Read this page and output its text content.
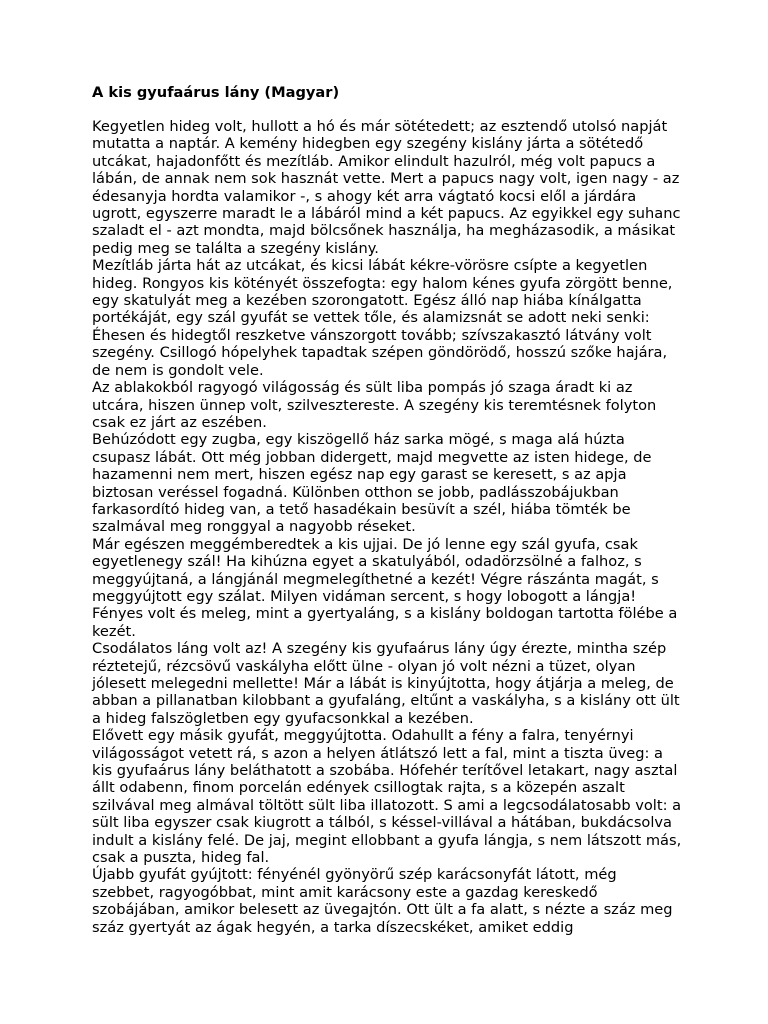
A kis gyufaárus lány (Magyar)

Kegyetlen hideg volt, hullott a hó és már sötétedett; az esztendő utolsó napját mutatta a naptár. A kemény hidegben egy szegény kislány járta a sötétedő utcákat, hajadonfőtt és mezítláb. Amikor elindult hazulról, még volt papucs a lábán, de annak nem sok hasznát vette. Mert a papucs nagy volt, igen nagy - az édesanyja hordta valamikor -, s ahogy két arra vágtató kocsi elől a járdára ugrott, egyszerre maradt le a lábáról mind a két papucs. Az egyikkel egy suhanc szaladt el - azt mondta, majd bölcsőnek használja, ha megházasodik, a másikat pedig meg se találta a szegény kislány.

Mezítláb járta hát az utcákat, és kicsi lábát kékre-vörösre csípte a kegyetlen hideg. Rongyos kis kötényét összefogta: egy halom kénes gyufa zörgött benne, egy skatulyát meg a kezében szorongatott. Egész álló nap hiába kínálgatta portékáját, egy szál gyufát se vettek tőle, és alamizsnát se adott neki senki: Éhesen és hidegtől reszketve vánszorgott tovább; szívszakasztó látvány volt szegény. Csillogó hópelyhek tapadtak szépen göndörödő, hosszú szőke hajára, de nem is gondolt vele.

Az ablakokból ragyogó világosság és sült liba pompás jó szaga áradt ki az utcára, hiszen ünnep volt, szilvesztereste. A szegény kis teremtésnek folyton csak ez járt az eszében.

Behúzódott egy zugba, egy kiszögellő ház sarka mögé, s maga alá húzta csupasz lábát. Ott még jobban didergett, majd megvette az isten hidege, de hazamenni nem mert, hiszen egész nap egy garast se keresett, s az apja biztosan veréssel fogadná. Különben otthon se jobb, padlásszobájukban farkasordító hideg van, a tető hasadékain besüvít a szél, hiába tömték be szalmával meg ronggyal a nagyobb réseket.

Már egészen meggémberedtek a kis ujjai. De jó lenne egy szál gyufa, csak egyetlenegy szál! Ha kihúzna egyet a skatulyából, odadörzsölné a falhoz, s meggyújtaná, a lángjánál megmelegíthetné a kezét! Végre rászánta magát, s meggyújtott egy szálat. Milyen vidáman sercent, s hogy lobogott a lángja! Fényes volt és meleg, mint a gyertyaláng, s a kislány boldogan tartotta fölébe a kezét.

Csodálatos láng volt az! A szegény kis gyufaárus lány úgy érezte, mintha szép réztetejű, rézcsövű vaskályha előtt ülne - olyan jó volt nézni a tüzet, olyan jólesett melegedni mellette! Már a lábát is kinyújtotta, hogy átjárja a meleg, de abban a pillanatban kilobbant a gyufaláng, eltűnt a vaskályha, s a kislány ott ült a hideg falszögletben egy gyufacsonkkal a kezében.

Elővett egy másik gyufát, meggyújtotta. Odahullt a fény a falra, tenyérnyi világosságot vetett rá, s azon a helyen átlátszó lett a fal, mint a tiszta üveg: a kis gyufaárus lány beláthatott a szobába. Hófehér terítővel letakart, nagy asztal állt odabenn, finom porcelán edények csillogtak rajta, s a közepén aszalt szilvával meg almával töltött sült liba illatozott. S ami a legcsodálatosabb volt: a sült liba egyszer csak kiugrott a tálból, s késsel-villával a hátában, bukdácsolva indult a kislány felé. De jaj, megint ellobbant a gyufa lángja, s nem látszott más, csak a puszta, hideg fal.

Újabb gyufát gyújtott: fényénél gyönyörű szép karácsonyfát látott, még szebbet, ragyogóbbat, mint amit karácsony este a gazdag kereskedő szobájában, amikor belesett az üvegajtón. Ott ült a fa alatt, s nézte a száz meg száz gyertyát az ágak hegyén, a tarka díszecskéket, amiket eddig
